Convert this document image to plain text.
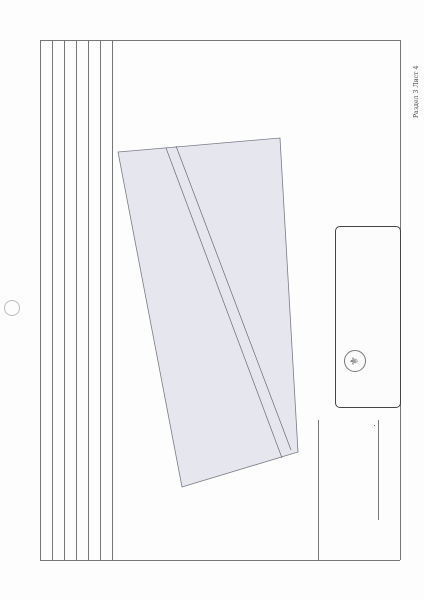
Раздел 3 Лист 4
⚜
